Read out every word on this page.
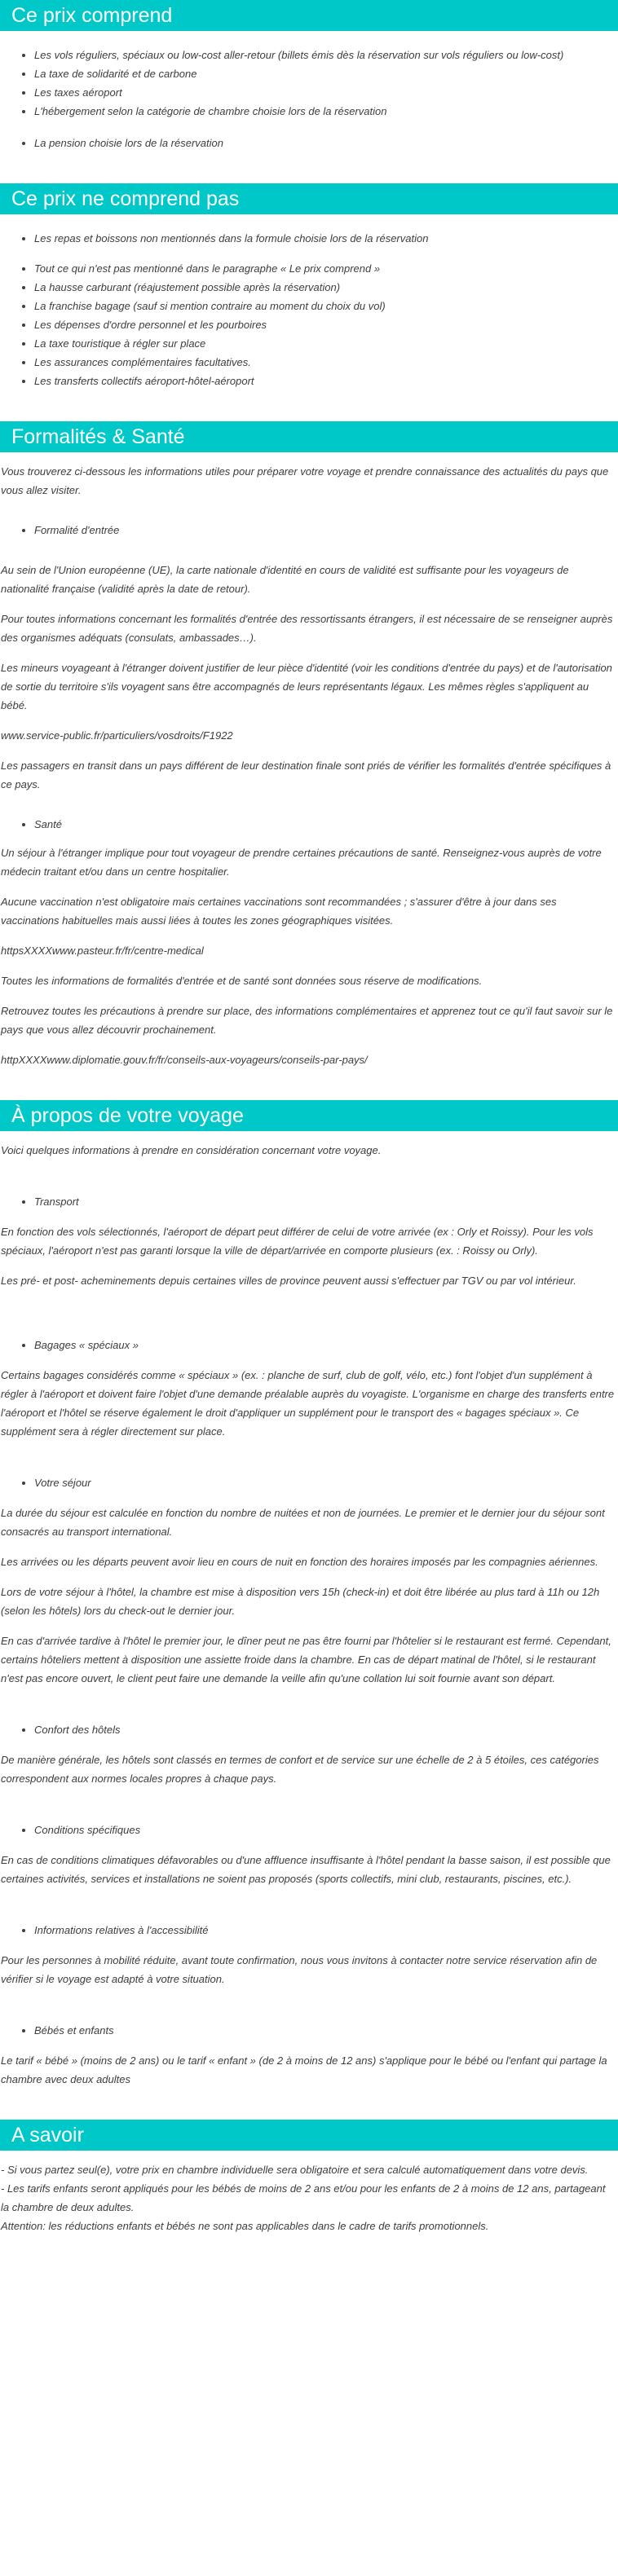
Ce prix comprend
• Les vols réguliers, spéciaux ou low-cost aller-retour (billets émis dès la réservation sur vols réguliers ou low-cost)
• La taxe de solidarité et de carbone
• Les taxes aéroport
• L'hébergement selon la catégorie de chambre choisie lors de la réservation
• La pension choisie lors de la réservation
Ce prix ne comprend pas
• Les repas et boissons non mentionnés dans la formule choisie lors de la réservation
• Tout ce qui n'est pas mentionné dans le paragraphe « Le prix comprend »
• La hausse carburant (réajustement possible après la réservation)
• La franchise bagage (sauf si mention contraire au moment du choix du vol)
• Les dépenses d'ordre personnel et les pourboires
• La taxe touristique à régler sur place
• Les assurances complémentaires facultatives.
• Les transferts collectifs aéroport-hôtel-aéroport
Formalités & Santé

Vous trouverez ci-dessous les informations utiles pour préparer votre voyage et prendre connaissance des actualités du pays que vous allez visiter.

• Formalité d'entrée

Au sein de l'Union européenne (UE), la carte nationale d'identité en cours de validité est suffisante pour les voyageurs de nationalité française (validité après la date de retour).

Pour toutes informations concernant les formalités d'entrée des ressortissants étrangers, il est nécessaire de se renseigner auprès des organismes adéquats (consulats, ambassades…).

Les mineurs voyageant à l'étranger doivent justifier de leur pièce d'identité (voir les conditions d'entrée du pays) et de l'autorisation de sortie du territoire s'ils voyagent sans être accompagnés de leurs représentants légaux. Les mêmes règles s'appliquent au bébé.

www.service-public.fr/particuliers/vosdroits/F1922

Les passagers en transit dans un pays différent de leur destination finale sont priés de vérifier les formalités d'entrée spécifiques à ce pays.

• Santé

Un séjour à l'étranger implique pour tout voyageur de prendre certaines précautions de santé. Renseignez-vous auprès de votre médecin traitant et/ou dans un centre hospitalier.

Aucune vaccination n'est obligatoire mais certaines vaccinations sont recommandées ; s'assurer d'être à jour dans ses vaccinations habituelles mais aussi liées à toutes les zones géographiques visitées.

httpsXXXXwww.pasteur.fr/fr/centre-medical

Toutes les informations de formalités d'entrée et de santé sont données sous réserve de modifications.

Retrouvez toutes les précautions à prendre sur place, des informations complémentaires et apprenez tout ce qu'il faut savoir sur le pays que vous allez découvrir prochainement.

httpXXXXwww.diplomatie.gouv.fr/fr/conseils-aux-voyageurs/conseils-par-pays/

À propos de votre voyage

Voici quelques informations à prendre en considération concernant votre voyage.

• Transport

En fonction des vols sélectionnés, l'aéroport de départ peut différer de celui de votre arrivée (ex : Orly et Roissy). Pour les vols spéciaux, l'aéroport n'est pas garanti lorsque la ville de départ/arrivée en comporte plusieurs (ex. : Roissy ou Orly).

Les pré- et post- acheminements depuis certaines villes de province peuvent aussi s'effectuer par TGV ou par vol intérieur.

• Bagages « spéciaux »

Certains bagages considérés comme « spéciaux » (ex. : planche de surf, club de golf, vélo, etc.) font l'objet d'un supplément à régler à l'aéroport et doivent faire l'objet d'une demande préalable auprès du voyagiste. L'organisme en charge des transferts entre l'aéroport et l'hôtel se réserve également le droit d'appliquer un supplément pour le transport des « bagages spéciaux ». Ce supplément sera à régler directement sur place.

• Votre séjour

La durée du séjour est calculée en fonction du nombre de nuitées et non de journées. Le premier et le dernier jour du séjour sont consacrés au transport international.

Les arrivées ou les départs peuvent avoir lieu en cours de nuit en fonction des horaires imposés par les compagnies aériennes.

Lors de votre séjour à l'hôtel, la chambre est mise à disposition vers 15h (check-in) et doit être libérée au plus tard à 11h ou 12h (selon les hôtels) lors du check-out le dernier jour.

En cas d'arrivée tardive à l'hôtel le premier jour, le dîner peut ne pas être fourni par l'hôtelier si le restaurant est fermé. Cependant, certains hôteliers mettent à disposition une assiette froide dans la chambre. En cas de départ matinal de l'hôtel, si le restaurant n'est pas encore ouvert, le client peut faire une demande la veille afin qu'une collation lui soit fournie avant son départ.

• Confort des hôtels

De manière générale, les hôtels sont classés en termes de confort et de service sur une échelle de 2 à 5 étoiles, ces catégories correspondent aux normes locales propres à chaque pays.

• Conditions spécifiques

En cas de conditions climatiques défavorables ou d'une affluence insuffisante à l'hôtel pendant la basse saison, il est possible que certaines activités, services et installations ne soient pas proposés (sports collectifs, mini club, restaurants, piscines, etc.).

• Informations relatives à l'accessibilité

Pour les personnes à mobilité réduite, avant toute confirmation, nous vous invitons à contacter notre service réservation afin de vérifier si le voyage est adapté à votre situation.

• Bébés et enfants

Le tarif « bébé » (moins de 2 ans) ou le tarif « enfant » (de 2 à moins de 12 ans) s'applique pour le bébé ou l'enfant qui partage la chambre avec deux adultes

A savoir

- Si vous partez seul(e), votre prix en chambre individuelle sera obligatoire et sera calculé automatiquement dans votre devis.

- Les tarifs enfants seront appliqués pour les bébés de moins de 2 ans et/ou pour les enfants de 2 à moins de 12 ans, partageant la chambre de deux adultes.

Attention: les réductions enfants et bébés ne sont pas applicables dans le cadre de tarifs promotionnels.
